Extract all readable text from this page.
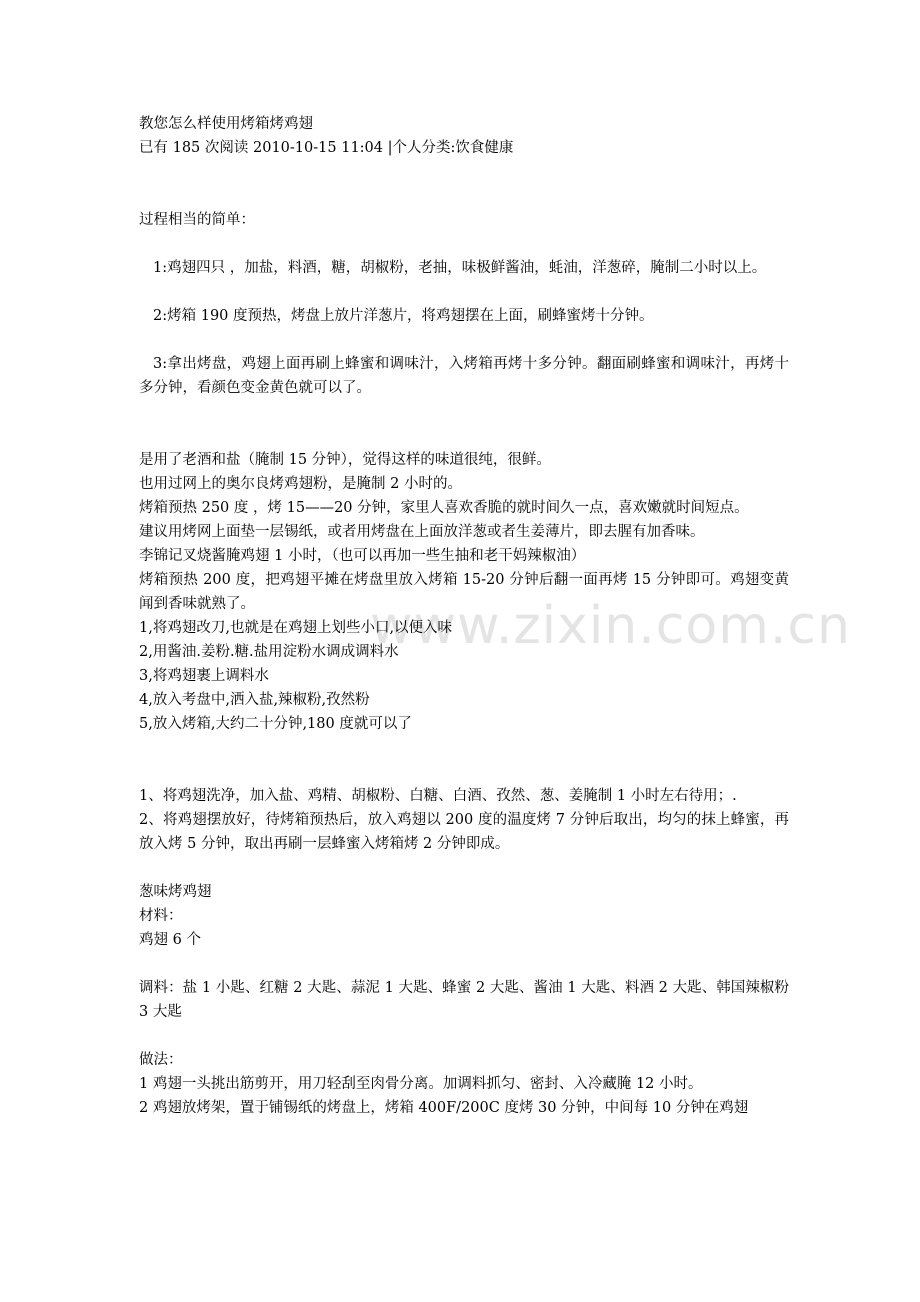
www.zixin.com.cn
教您怎么样使用烤箱烤鸡翅
已有 185 次阅读 2010-10-15 11:04 |个人分类:饮食健康
过程相当的简单：
1:鸡翅四只 ，加盐，料酒，糖，胡椒粉，老抽，味极鲜酱油，蚝油，洋葱碎，腌制二小时以上。
2:烤箱 190 度预热，烤盘上放片洋葱片，将鸡翅摆在上面，刷蜂蜜烤十分钟。
3:拿出烤盘，鸡翅上面再刷上蜂蜜和调味汁，入烤箱再烤十多分钟。翻面刷蜂蜜和调味汁，再烤十多分钟，看颜色变金黄色就可以了。
是用了老酒和盐（腌制 15 分钟），觉得这样的味道很纯，很鲜。
也用过网上的奥尔良烤鸡翅粉，是腌制 2 小时的。
烤箱预热 250 度 ，烤 15——20 分钟，家里人喜欢香脆的就时间久一点，喜欢嫩就时间短点。
建议用烤网上面垫一层锡纸，或者用烤盘在上面放洋葱或者生姜薄片，即去腥有加香味。
李锦记叉烧酱腌鸡翅 1 小时，（也可以再加一些生抽和老干妈辣椒油）
烤箱预热 200 度，把鸡翅平摊在烤盘里放入烤箱 15-20 分钟后翻一面再烤 15 分钟即可。鸡翅变黄闻到香味就熟了。
1,将鸡翅改刀,也就是在鸡翅上划些小口,以便入味
2,用酱油.姜粉.糖.盐用淀粉水调成调料水
3,将鸡翅裹上调料水
4,放入考盘中,洒入盐,辣椒粉,孜然粉
5,放入烤箱,大约二十分钟,180 度就可以了
1、将鸡翅洗净，加入盐、鸡精、胡椒粉、白糖、白酒、孜然、葱、姜腌制 1 小时左右待用；.
2、将鸡翅摆放好，待烤箱预热后，放入鸡翅以 200 度的温度烤 7 分钟后取出，均匀的抹上蜂蜜，再放入烤 5 分钟，取出再刷一层蜂蜜入烤箱烤 2 分钟即成。
葱味烤鸡翅
材料：
鸡翅 6 个
调料：盐 1 小匙、红糖 2 大匙、蒜泥 1 大匙、蜂蜜 2 大匙、酱油 1 大匙、料酒 2 大匙、韩国辣椒粉 3 大匙
做法：
1 鸡翅一头挑出筋剪开，用刀轻刮至肉骨分离。加调料抓匀、密封、入冷藏腌 12 小时。
2 鸡翅放烤架，置于铺锡纸的烤盘上，烤箱 400F/200C 度烤 30 分钟，中间每 10 分钟在鸡翅
